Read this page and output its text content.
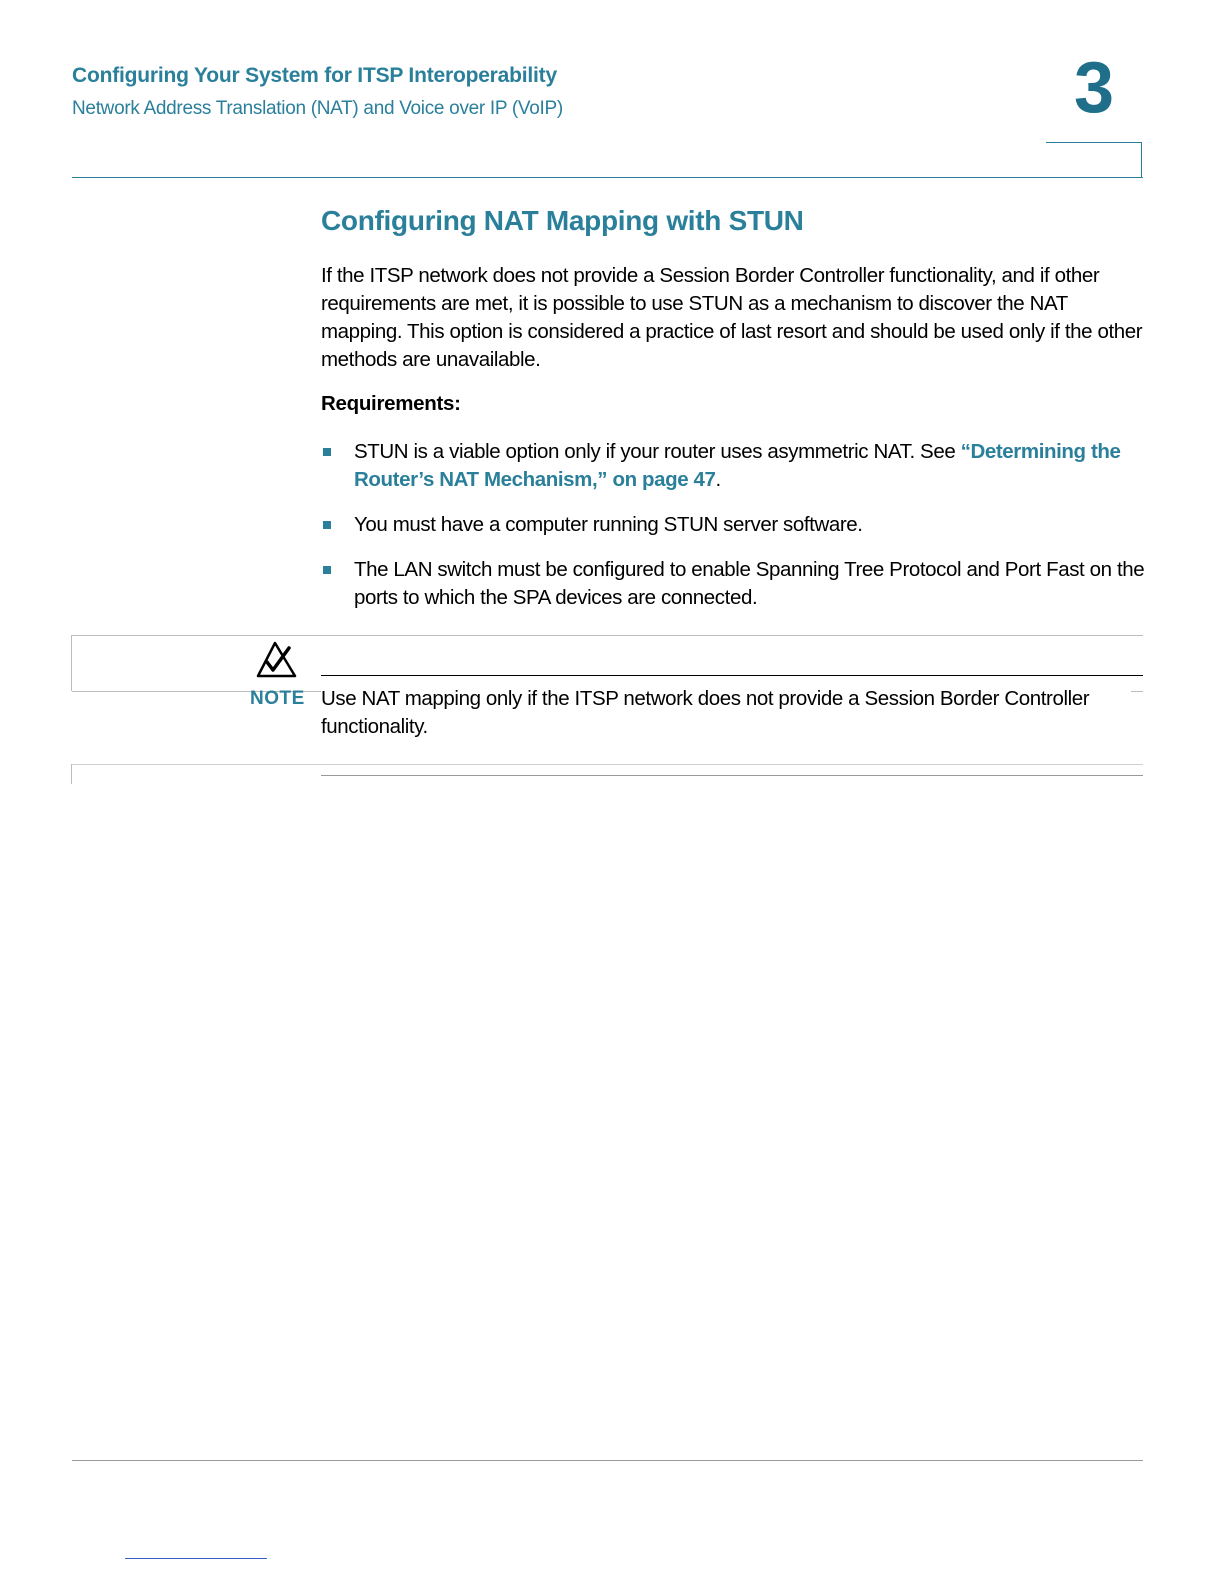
Configuring Your System for ITSP Interoperability
Network Address Translation (NAT) and Voice over IP (VoIP)	3
Configuring NAT Mapping with STUN
If the ITSP network does not provide a Session Border Controller functionality, and if other requirements are met, it is possible to use STUN as a mechanism to discover the NAT mapping. This option is considered a practice of last resort and should be used only if the other methods are unavailable.
Requirements:
STUN is a viable option only if your router uses asymmetric NAT. See “Determining the Router’s NAT Mechanism,” on page 47.
You must have a computer running STUN server software.
The LAN switch must be configured to enable Spanning Tree Protocol and Port Fast on the ports to which the SPA devices are connected.
Use NAT mapping only if the ITSP network does not provide a Session Border Controller functionality.
NOTE
